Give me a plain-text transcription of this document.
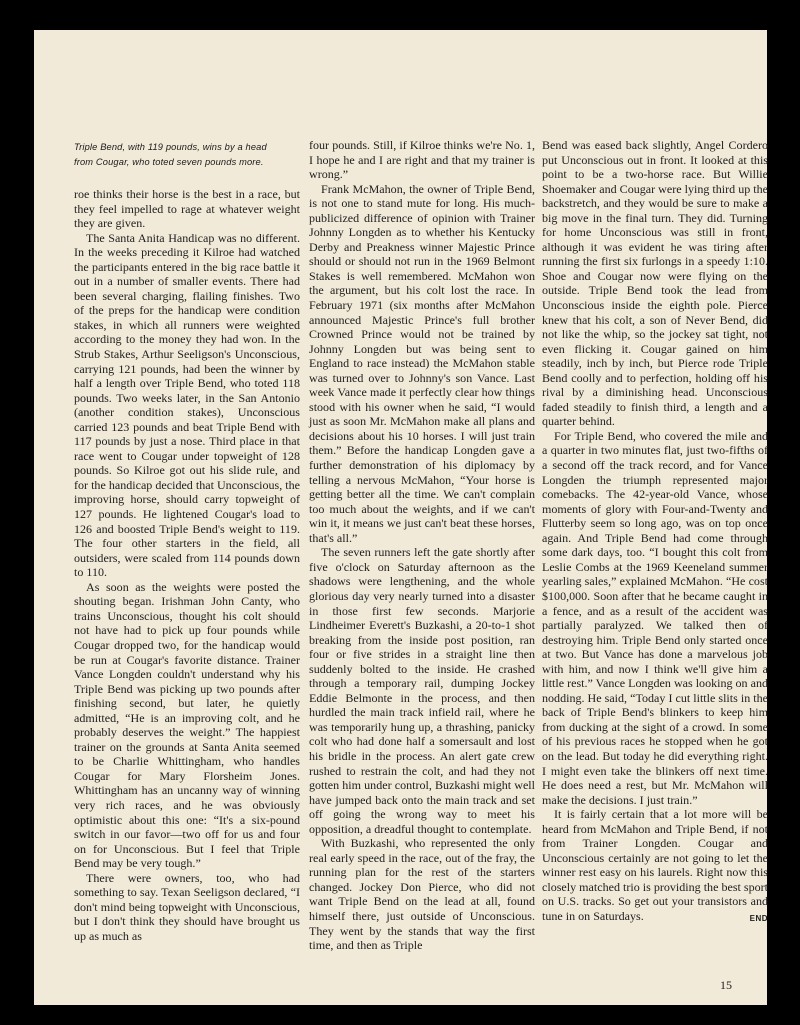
Triple Bend, with 119 pounds, wins by a head
from Cougar, who toted seven pounds more.

roe thinks their horse is the best in a race, but they feel impelled to rage at whatever weight they are given.

The Santa Anita Handicap was no different. In the weeks preceding it Kilroe had watched the participants entered in the big race battle it out in a number of smaller events. There had been several charging, flailing finishes. Two of the preps for the handicap were condition stakes, in which all runners were weighted according to the money they had won. In the Strub Stakes, Arthur Seeligson's Unconscious, carrying 121 pounds, had been the winner by half a length over Triple Bend, who toted 118 pounds. Two weeks later, in the San Antonio (another condition stakes), Unconscious carried 123 pounds and beat Triple Bend with 117 pounds by just a nose. Third place in that race went to Cougar under topweight of 128 pounds. So Kilroe got out his slide rule, and for the handicap decided that Unconscious, the improving horse, should carry topweight of 127 pounds. He lightened Cougar's load to 126 and boosted Triple Bend's weight to 119. The four other starters in the field, all outsiders, were scaled from 114 pounds down to 110.

As soon as the weights were posted the shouting began. Irishman John Canty, who trains Unconscious, thought his colt should not have had to pick up four pounds while Cougar dropped two, for the handicap would be run at Cougar's favorite distance. Trainer Vance Longden couldn't understand why his Triple Bend was picking up two pounds after finishing second, but later, he quietly admitted, “He is an improving colt, and he probably deserves the weight.” The happiest trainer on the grounds at Santa Anita seemed to be Charlie Whittingham, who handles Cougar for Mary Florsheim Jones. Whittingham has an uncanny way of winning very rich races, and he was obviously optimistic about this one: “It's a six-pound switch in our favor—two off for us and four on for Unconscious. But I feel that Triple Bend may be very tough.”

There were owners, too, who had something to say. Texan Seeligson declared, “I don't mind being topweight with Unconscious, but I don't think they should have brought us up as much as

four pounds. Still, if Kilroe thinks we're No. 1, I hope he and I are right and that my trainer is wrong.”

Frank McMahon, the owner of Triple Bend, is not one to stand mute for long. His much-publicized difference of opinion with Trainer Johnny Longden as to whether his Kentucky Derby and Preakness winner Majestic Prince should or should not run in the 1969 Belmont Stakes is well remembered. McMahon won the argument, but his colt lost the race. In February 1971 (six months after McMahon announced Majestic Prince's full brother Crowned Prince would not be trained by Johnny Longden but was being sent to England to race instead) the McMahon stable was turned over to Johnny's son Vance. Last week Vance made it perfectly clear how things stood with his owner when he said, “I would just as soon Mr. McMahon make all plans and decisions about his 10 horses. I will just train them.” Before the handicap Longden gave a further demonstration of his diplomacy by telling a nervous McMahon, “Your horse is getting better all the time. We can't complain too much about the weights, and if we can't win it, it means we just can't beat these horses, that's all.”

The seven runners left the gate shortly after five o'clock on Saturday afternoon as the shadows were lengthening, and the whole glorious day very nearly turned into a disaster in those first few seconds. Marjorie Lindheimer Everett's Buzkashi, a 20-to-1 shot breaking from the inside post position, ran four or five strides in a straight line then suddenly bolted to the inside. He crashed through a temporary rail, dumping Jockey Eddie Belmonte in the process, and then hurdled the main track infield rail, where he was temporarily hung up, a thrashing, panicky colt who had done half a somersault and lost his bridle in the process. An alert gate crew rushed to restrain the colt, and had they not gotten him under control, Buzkashi might well have jumped back onto the main track and set off going the wrong way to meet his opposition, a dreadful thought to contemplate.

With Buzkashi, who represented the only real early speed in the race, out of the fray, the running plan for the rest of the starters changed. Jockey Don Pierce, who did not want Triple Bend on the lead at all, found himself there, just outside of Unconscious. They went by the stands that way the first time, and then as Triple

Bend was eased back slightly, Angel Cordero put Unconscious out in front. It looked at this point to be a two-horse race. But Willie Shoemaker and Cougar were lying third up the backstretch, and they would be sure to make a big move in the final turn. They did. Turning for home Unconscious was still in front, although it was evident he was tiring after running the first six furlongs in a speedy 1:10. Shoe and Cougar now were flying on the outside. Triple Bend took the lead from Unconscious inside the eighth pole. Pierce knew that his colt, a son of Never Bend, did not like the whip, so the jockey sat tight, not even flicking it. Cougar gained on him steadily, inch by inch, but Pierce rode Triple Bend coolly and to perfection, holding off his rival by a diminishing head. Unconscious faded steadily to finish third, a length and a quarter behind.

For Triple Bend, who covered the mile and a quarter in two minutes flat, just two-fifths of a second off the track record, and for Vance Longden the triumph represented major comebacks. The 42-year-old Vance, whose moments of glory with Four-and-Twenty and Flutterby seem so long ago, was on top once again. And Triple Bend had come through some dark days, too. “I bought this colt from Leslie Combs at the 1969 Keeneland summer yearling sales,” explained McMahon. “He cost $100,000. Soon after that he became caught in a fence, and as a result of the accident was partially paralyzed. We talked then of destroying him. Triple Bend only started once at two. But Vance has done a marvelous job with him, and now I think we'll give him a little rest.” Vance Longden was looking on and nodding. He said, “Today I cut little slits in the back of Triple Bend's blinkers to keep him from ducking at the sight of a crowd. In some of his previous races he stopped when he got on the lead. But today he did everything right. I might even take the blinkers off next time. He does need a rest, but Mr. McMahon will make the decisions. I just train.”

It is fairly certain that a lot more will be heard from McMahon and Triple Bend, if not from Trainer Longden. Cougar and Unconscious certainly are not going to let the winner rest easy on his laurels. Right now this closely matched trio is providing the best sport on U.S. tracks. So get out your transistors and tune in on Saturdays.	END

15
